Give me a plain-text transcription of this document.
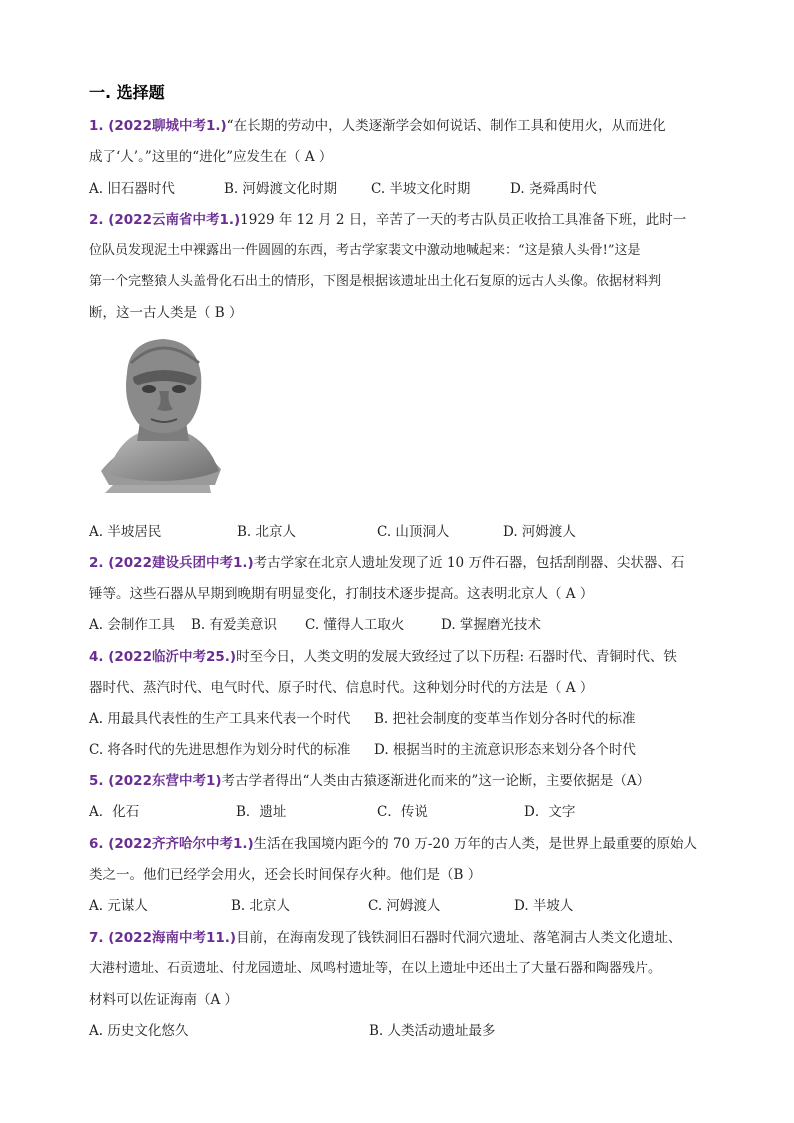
一. 选择题
1. (2022聊城中考1.)“在长期的劳动中，人类逐渐学会如何说话、制作工具和使用火，从而进化
成了‘人’。”这里的“进化”应发生在（ A ）
A. 旧石器时代	B. 河姆渡文化时期	C. 半坡文化时期	D. 尧舜禹时代
2. (2022云南省中考1.)1929 年 12 月 2 日，辛苦了一天的考古队员正收拾工具准备下班，此时一
位队员发现泥土中裸露出一件圆圆的东西，考古学家裴文中激动地喊起来：“这是猿人头骨!”这是
第一个完整猿人头盖骨化石出土的情形，下图是根据该遗址出土化石复原的远古人头像。依据材料判
断，这一古人类是（ B ）
A. 半坡居民	B. 北京人	C. 山顶洞人	D. 河姆渡人
2. (2022建设兵团中考1.)考古学家在北京人遗址发现了近 10 万件石器，包括刮削器、尖状器、石
锤等。这些石器从早期到晚期有明显变化，打制技术逐步提高。这表明北京人（ A ）
A. 会制作工具 B. 有爱美意识 C. 懂得人工取火	D. 掌握磨光技术
4. (2022临沂中考25.)时至今日，人类文明的发展大致经过了以下历程: 石器时代、青铜时代、铁
器时代、蒸汽时代、电气时代、原子时代、信息时代。这种划分时代的方法是（ A ）
A. 用最具代表性的生产工具来代表一个时代 B. 把社会制度的变革当作划分各时代的标准
C. 将各时代的先进思想作为划分时代的标准 D. 根据当时的主流意识形态来划分各个时代
5. (2022东营中考1)考古学者得出“人类由古猿逐渐进化而来的”这一论断，主要依据是（A）
A．化石	B．遗址	C．传说	D．文字
6. (2022齐齐哈尔中考1.)生活在我国境内距今的 70 万-20 万年的古人类，是世界上最重要的原始人
类之一。他们已经学会用火，还会长时间保存火种。他们是（B ）
A. 元谋人	B. 北京人	C. 河姆渡人	D. 半坡人
7. (2022海南中考11.)目前，在海南发现了钱铁洞旧石器时代洞穴遗址、落笔洞古人类文化遗址、
大港村遗址、石贡遗址、付龙园遗址、凤鸣村遗址等，在以上遗址中还出土了大量石器和陶器残片。
材料可以佐证海南（A ）
A. 历史文化悠久	B. 人类活动遗址最多
